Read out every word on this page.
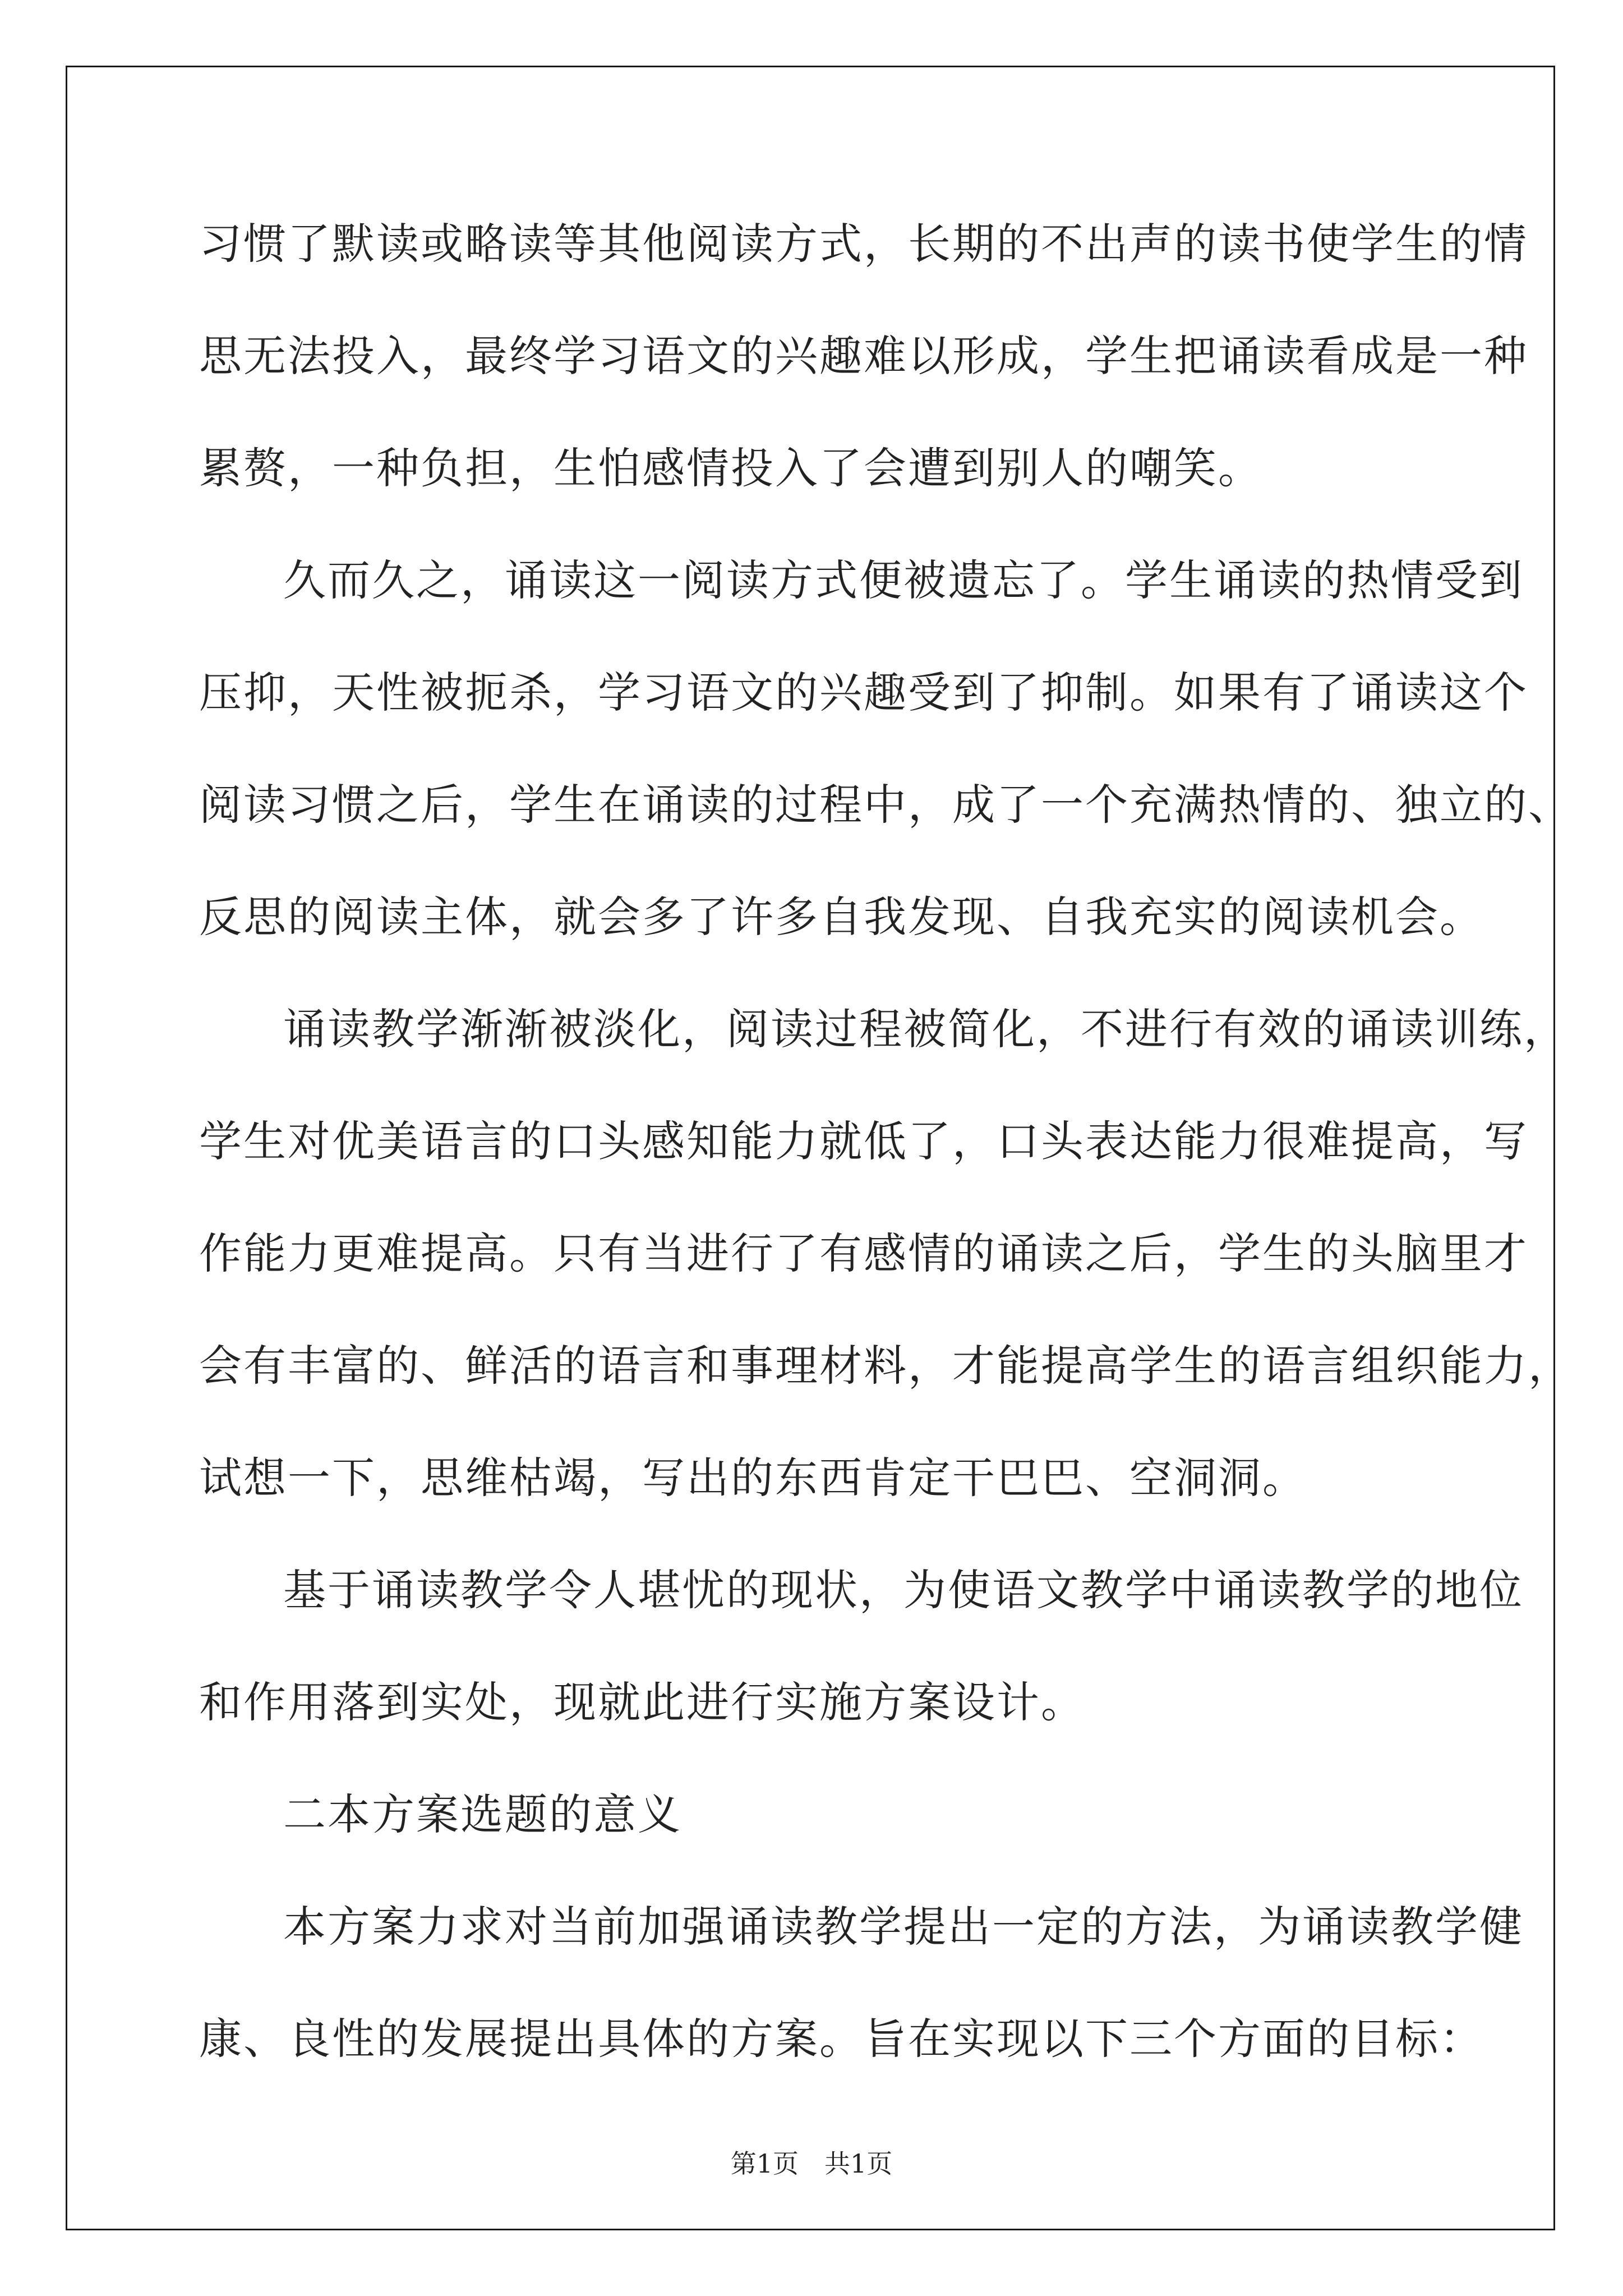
习惯了默读或略读等其他阅读方式，长期的不出声的读书使学生的情
思无法投入，最终学习语文的兴趣难以形成，学生把诵读看成是一种
累赘，一种负担，生怕感情投入了会遭到别人的嘲笑。
久而久之，诵读这一阅读方式便被遗忘了。学生诵读的热情受到
压抑，天性被扼杀，学习语文的兴趣受到了抑制。如果有了诵读这个
阅读习惯之后，学生在诵读的过程中，成了一个充满热情的、独立的、
反思的阅读主体，就会多了许多自我发现、自我充实的阅读机会。
诵读教学渐渐被淡化，阅读过程被简化，不进行有效的诵读训练，
学生对优美语言的口头感知能力就低了，口头表达能力很难提高，写
作能力更难提高。只有当进行了有感情的诵读之后，学生的头脑里才
会有丰富的、鲜活的语言和事理材料，才能提高学生的语言组织能力，
试想一下，思维枯竭，写出的东西肯定干巴巴、空洞洞。
基于诵读教学令人堪忧的现状，为使语文教学中诵读教学的地位
和作用落到实处，现就此进行实施方案设计。
二本方案选题的意义
本方案力求对当前加强诵读教学提出一定的方法，为诵读教学健
康、良性的发展提出具体的方案。旨在实现以下三个方面的目标：
第1页 共1页
